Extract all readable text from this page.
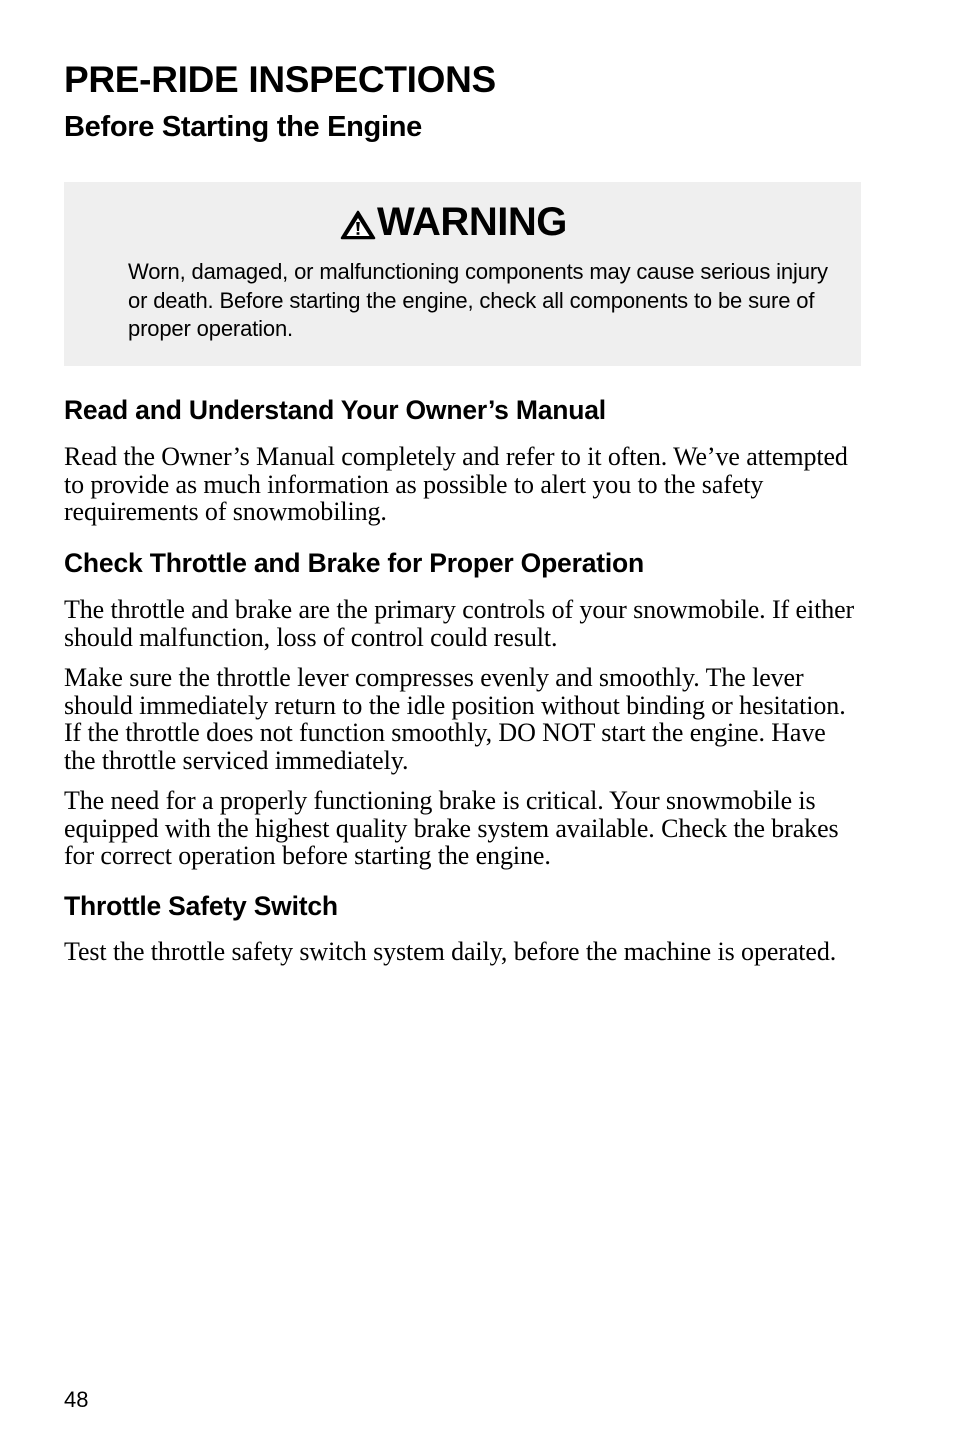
PRE-RIDE INSPECTIONS
Before Starting the Engine
WARNING

Worn, damaged, or malfunctioning components may cause serious injury or death. Before starting the engine, check all components to be sure of proper operation.

Read and Understand Your Owner’s Manual

Read the Owner’s Manual completely and refer to it often. We’ve attempted to provide as much information as possible to alert you to the safety requirements of snowmobiling.

Check Throttle and Brake for Proper Operation

The throttle and brake are the primary controls of your snowmobile. If either should malfunction, loss of control could result.

Make sure the throttle lever compresses evenly and smoothly. The lever should immediately return to the idle position without binding or hesitation. If the throttle does not function smoothly, DO NOT start the engine. Have the throttle serviced immediately.

The need for a properly functioning brake is critical. Your snowmobile is equipped with the highest quality brake system available. Check the brakes for correct operation before starting the engine.

Throttle Safety Switch

Test the throttle safety switch system daily, before the machine is operated.

48
